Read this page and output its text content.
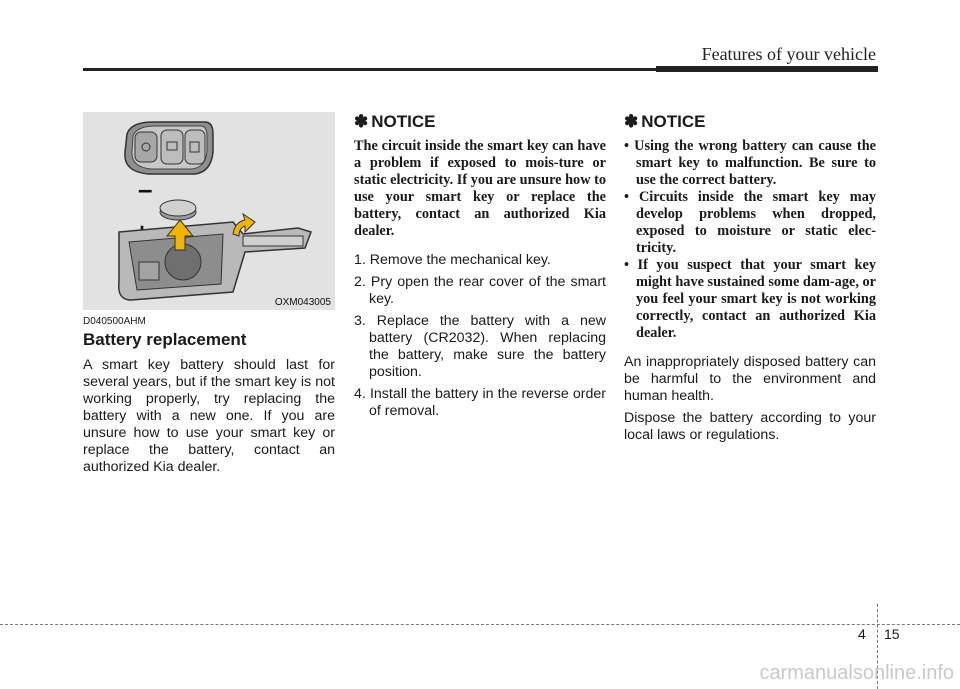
Features of your vehicle
–
OXM043005
D040500AHM
Battery replacement

A smart key battery should last for several years, but if the smart key is not working properly, try replacing the battery with a new one. If you are unsure how to use your smart key or replace the battery, contact an authorized Kia dealer.

✽ NOTICE

The circuit inside the smart key can have a problem if exposed to mois-ture or static electricity. If you are unsure how to use your smart key or replace the battery, contact an authorized Kia dealer.

1. Remove the mechanical key.
2. Pry open the rear cover of the smart key.
3. Replace the battery with a new battery (CR2032). When replacing the battery, make sure the battery position.
4. Install the battery in the reverse order of removal.
✽ NOTICE
• Using the wrong battery can cause the smart key to malfunction. Be sure to use the correct battery.
• Circuits inside the smart key may develop problems when dropped, exposed to moisture or static elec-tricity.
• If you suspect that your smart key might have sustained some dam-age, or you feel your smart key is not working correctly, contact an authorized Kia dealer.

An inappropriately disposed battery can be harmful to the environment and human health.

Dispose the battery according to your local laws or regulations.

4 15
carmanualsonline.info
